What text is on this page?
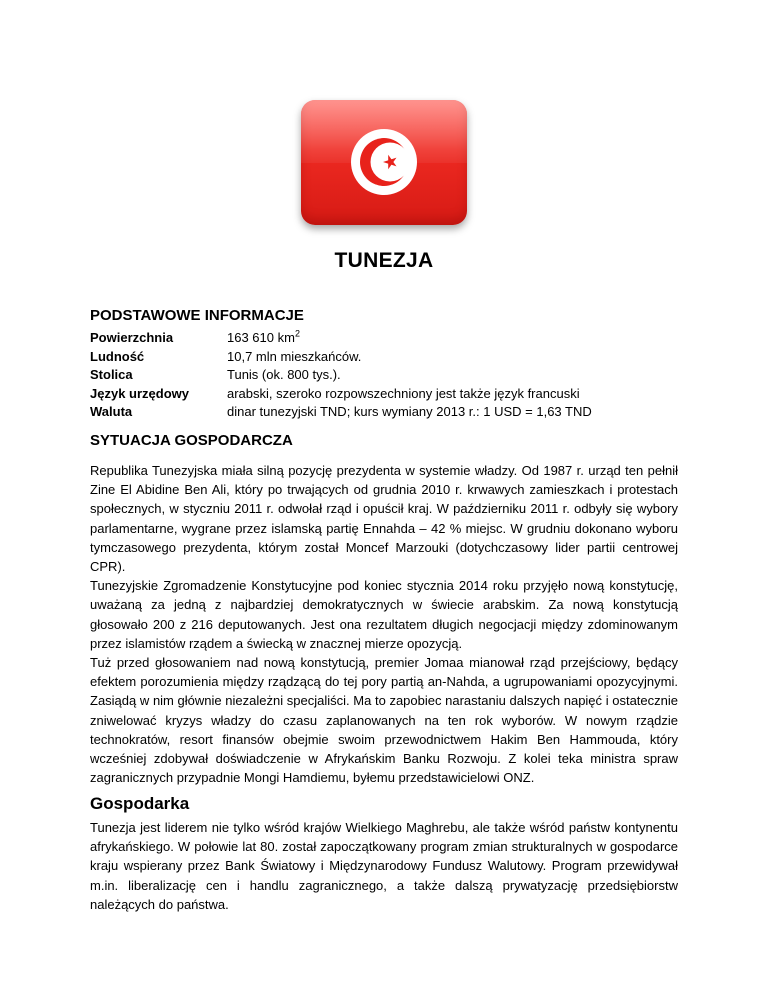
TUNEZJA
PODSTAWOWE INFORMACJE
Powierzchnia	163 610 $km^2$
Ludność	10,7 mln mieszkańców.
Stolica	Tunis (ok. 800 tys.).
Język urzędowy	arabski, szeroko rozpowszechniony jest także język francuski
Waluta	dinar tunezyjski TND; kurs wymiany 2013 r.: 1 USD = 1,63 TND
SYTUACJA GOSPODARCZA

Republika Tunezyjska miała silną pozycję prezydenta w systemie władzy. Od 1987 r. urząd ten pełnił Zine El Abidine Ben Ali, który po trwających od grudnia 2010 r. krwawych zamieszkach i protestach społecznych, w styczniu 2011 r. odwołał rząd i opuścił kraj. W październiku 2011 r. odbyły się wybory parlamentarne, wygrane przez islamską partię Ennahda – 42 % miejsc. W grudniu dokonano wyboru tymczasowego prezydenta, którym został Moncef Marzouki (dotychczasowy lider partii centrowej CPR).

Tunezyjskie Zgromadzenie Konstytucyjne pod koniec stycznia 2014 roku przyjęło nową konstytucję, uważaną za jedną z najbardziej demokratycznych w świecie arabskim. Za nową konstytucją głosowało 200 z 216 deputowanych. Jest ona rezultatem długich negocjacji między zdominowanym przez islamistów rządem a świecką w znacznej mierze opozycją.

Tuż przed głosowaniem nad nową konstytucją, premier Jomaa mianował rząd przejściowy, będący efektem porozumienia między rządzącą do tej pory partią an-Nahda, a ugrupowaniami opozycyjnymi. Zasiądą w nim głównie niezależni specjaliści. Ma to zapobiec narastaniu dalszych napięć i ostatecznie zniwelować kryzys władzy do czasu zaplanowanych na ten rok wyborów. W nowym rządzie technokratów, resort finansów obejmie swoim przewodnictwem Hakim Ben Hammouda, który wcześniej zdobywał doświadczenie w Afrykańskim Banku Rozwoju. Z kolei teka ministra spraw zagranicznych przypadnie Mongi Hamdiemu, byłemu przedstawicielowi ONZ.

Gospodarka

Tunezja jest liderem nie tylko wśród krajów Wielkiego Maghrebu, ale także wśród państw kontynentu afrykańskiego. W połowie lat 80. został zapoczątkowany program zmian strukturalnych w gospodarce kraju wspierany przez Bank Światowy i Międzynarodowy Fundusz Walutowy. Program przewidywał m.in. liberalizację cen i handlu zagranicznego, a także dalszą prywatyzację przedsiębiorstw należących do państwa.
